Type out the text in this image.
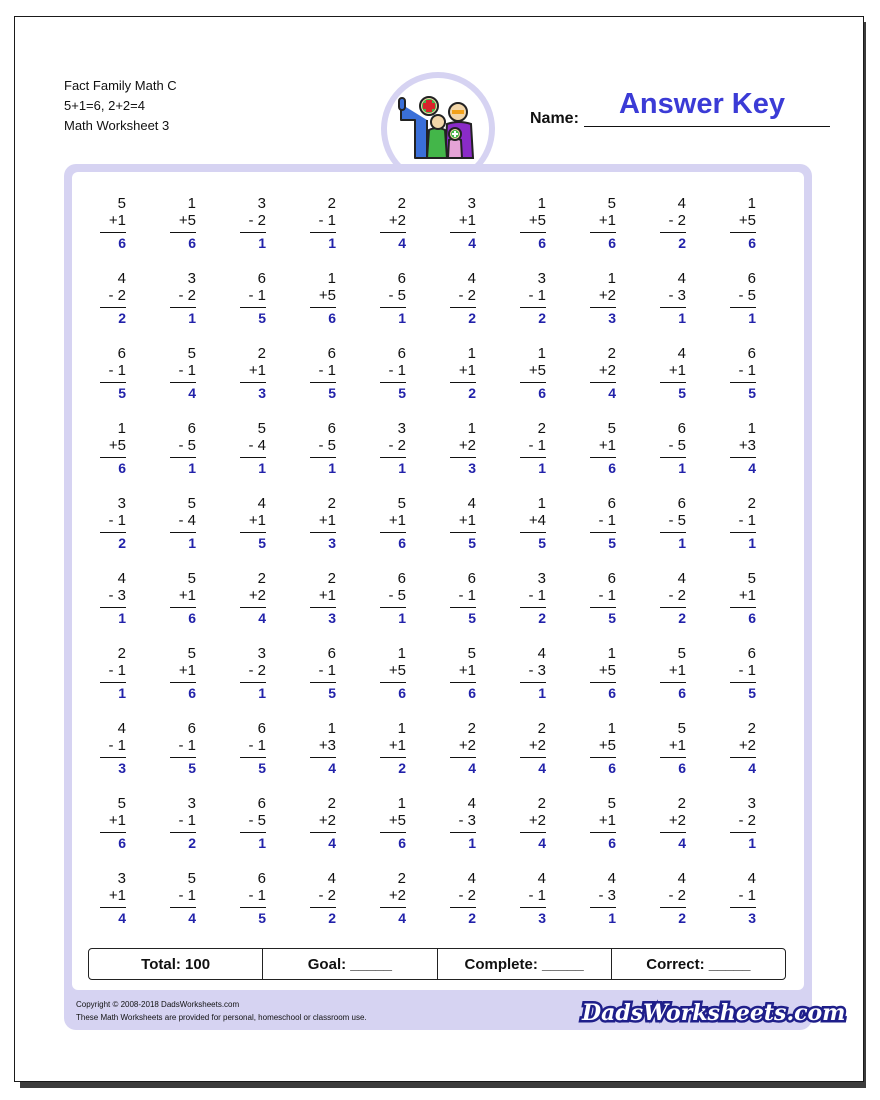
Fact Family Math C
5+1=6, 2+2=4
Math Worksheet 3
Answer Key
Name:
5
+1
6
1
+5
6
3
- 2
1
2
- 1
1
2
+2
4
3
+1
4
1
+5
6
5
+1
6
4
- 2
2
1
+5
6
4
- 2
2
3
- 2
1
6
- 1
5
1
+5
6
6
- 5
1
4
- 2
2
3
- 1
2
1
+2
3
4
- 3
1
6
- 5
1
6
- 1
5
5
- 1
4
2
+1
3
6
- 1
5
6
- 1
5
1
+1
2
1
+5
6
2
+2
4
4
+1
5
6
- 1
5
1
+5
6
6
- 5
1
5
- 4
1
6
- 5
1
3
- 2
1
1
+2
3
2
- 1
1
5
+1
6
6
- 5
1
1
+3
4
3
- 1
2
5
- 4
1
4
+1
5
2
+1
3
5
+1
6
4
+1
5
1
+4
5
6
- 1
5
6
- 5
1
2
- 1
1
4
- 3
1
5
+1
6
2
+2
4
2
+1
3
6
- 5
1
6
- 1
5
3
- 1
2
6
- 1
5
4
- 2
2
5
+1
6
2
- 1
1
5
+1
6
3
- 2
1
6
- 1
5
1
+5
6
5
+1
6
4
- 3
1
1
+5
6
5
+1
6
6
- 1
5
4
- 1
3
6
- 1
5
6
- 1
5
1
+3
4
1
+1
2
2
+2
4
2
+2
4
1
+5
6
5
+1
6
2
+2
4
5
+1
6
3
- 1
2
6
- 5
1
2
+2
4
1
+5
6
4
- 3
1
2
+2
4
5
+1
6
2
+2
4
3
- 2
1
3
+1
4
5
- 1
4
6
- 1
5
4
- 2
2
2
+2
4
4
- 2
2
4
- 1
3
4
- 3
1
4
- 2
2
4
- 1
3
Total: 100	Goal: _____	Complete: _____	Correct: _____
Copyright © 2008-2018 DadsWorksheets.com
These Math Worksheets are provided for personal, homeschool or classroom use.	DadsWorksheets.com
